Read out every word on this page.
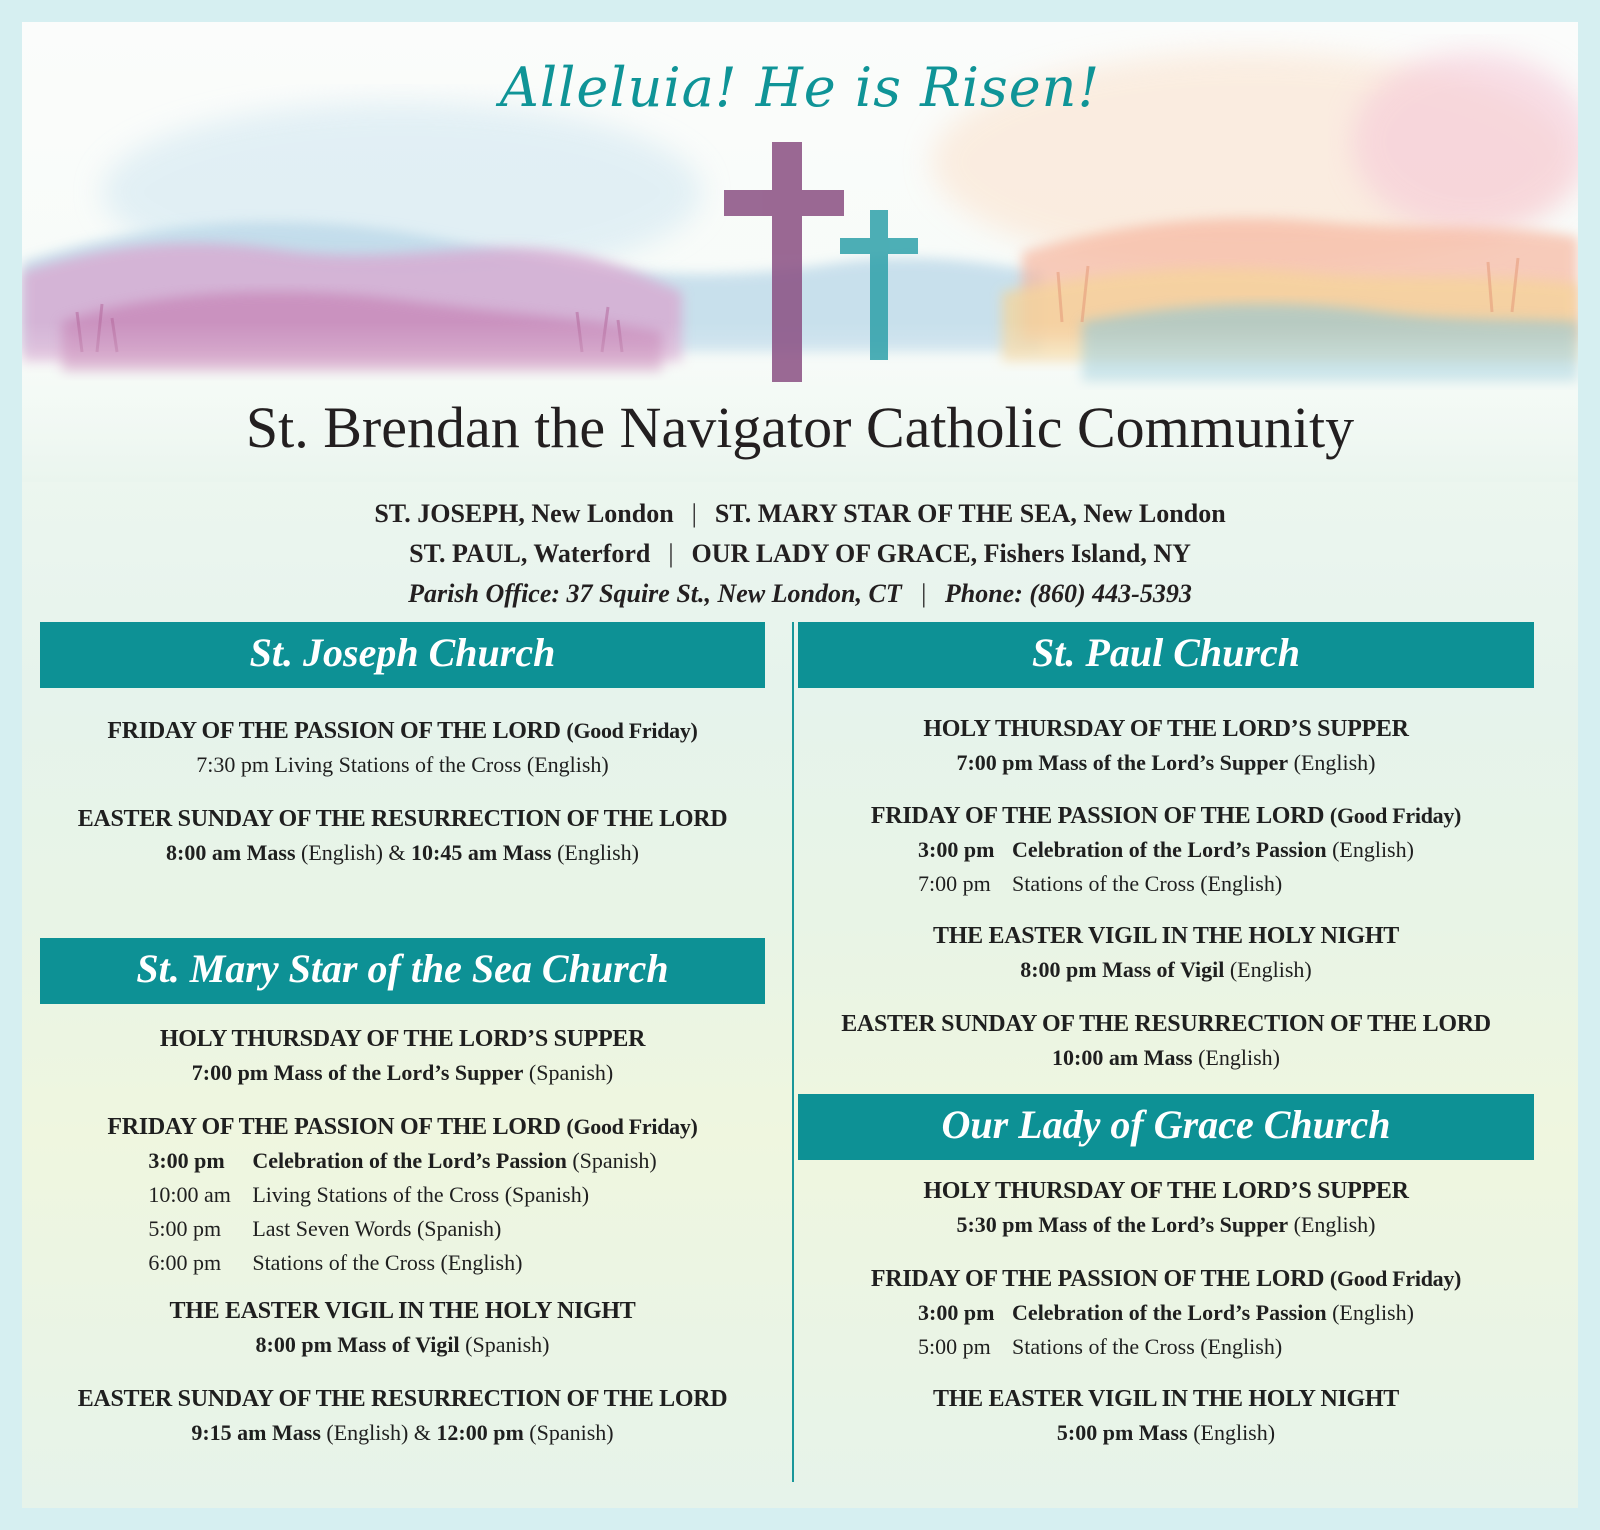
Alleluia! He is Risen!
St. Brendan the Navigator Catholic Community
ST. JOSEPH, New London | ST. MARY STAR OF THE SEA, New London
ST. PAUL, Waterford | OUR LADY OF GRACE, Fishers Island, NY
Parish Office: 37 Squire St., New London, CT | Phone: (860) 443-5393
St. Joseph Church
FRIDAY OF THE PASSION OF THE LORD (Good Friday)
7:30 pm Living Stations of the Cross (English)
EASTER SUNDAY OF THE RESURRECTION OF THE LORD
8:00 am Mass (English) & 10:45 am Mass (English)
St. Mary Star of the Sea Church
HOLY THURSDAY OF THE LORD’S SUPPER
7:00 pm Mass of the Lord’s Supper (Spanish)
FRIDAY OF THE PASSION OF THE LORD (Good Friday)
3:00 pm Celebration of the Lord’s Passion (Spanish)
10:00 am Living Stations of the Cross (Spanish)
5:00 pm Last Seven Words (Spanish)
6:00 pm Stations of the Cross (English)
THE EASTER VIGIL IN THE HOLY NIGHT
8:00 pm Mass of Vigil (Spanish)
EASTER SUNDAY OF THE RESURRECTION OF THE LORD
9:15 am Mass (English) & 12:00 pm (Spanish)
St. Paul Church
HOLY THURSDAY OF THE LORD’S SUPPER
7:00 pm Mass of the Lord’s Supper (English)
FRIDAY OF THE PASSION OF THE LORD (Good Friday)
3:00 pm Celebration of the Lord’s Passion (English)
7:00 pm Stations of the Cross (English)
THE EASTER VIGIL IN THE HOLY NIGHT
8:00 pm Mass of Vigil (English)
EASTER SUNDAY OF THE RESURRECTION OF THE LORD
10:00 am Mass (English)
Our Lady of Grace Church
HOLY THURSDAY OF THE LORD’S SUPPER
5:30 pm Mass of the Lord’s Supper (English)
FRIDAY OF THE PASSION OF THE LORD (Good Friday)
3:00 pm Celebration of the Lord’s Passion (English)
5:00 pm Stations of the Cross (English)
THE EASTER VIGIL IN THE HOLY NIGHT
5:00 pm Mass (English)
